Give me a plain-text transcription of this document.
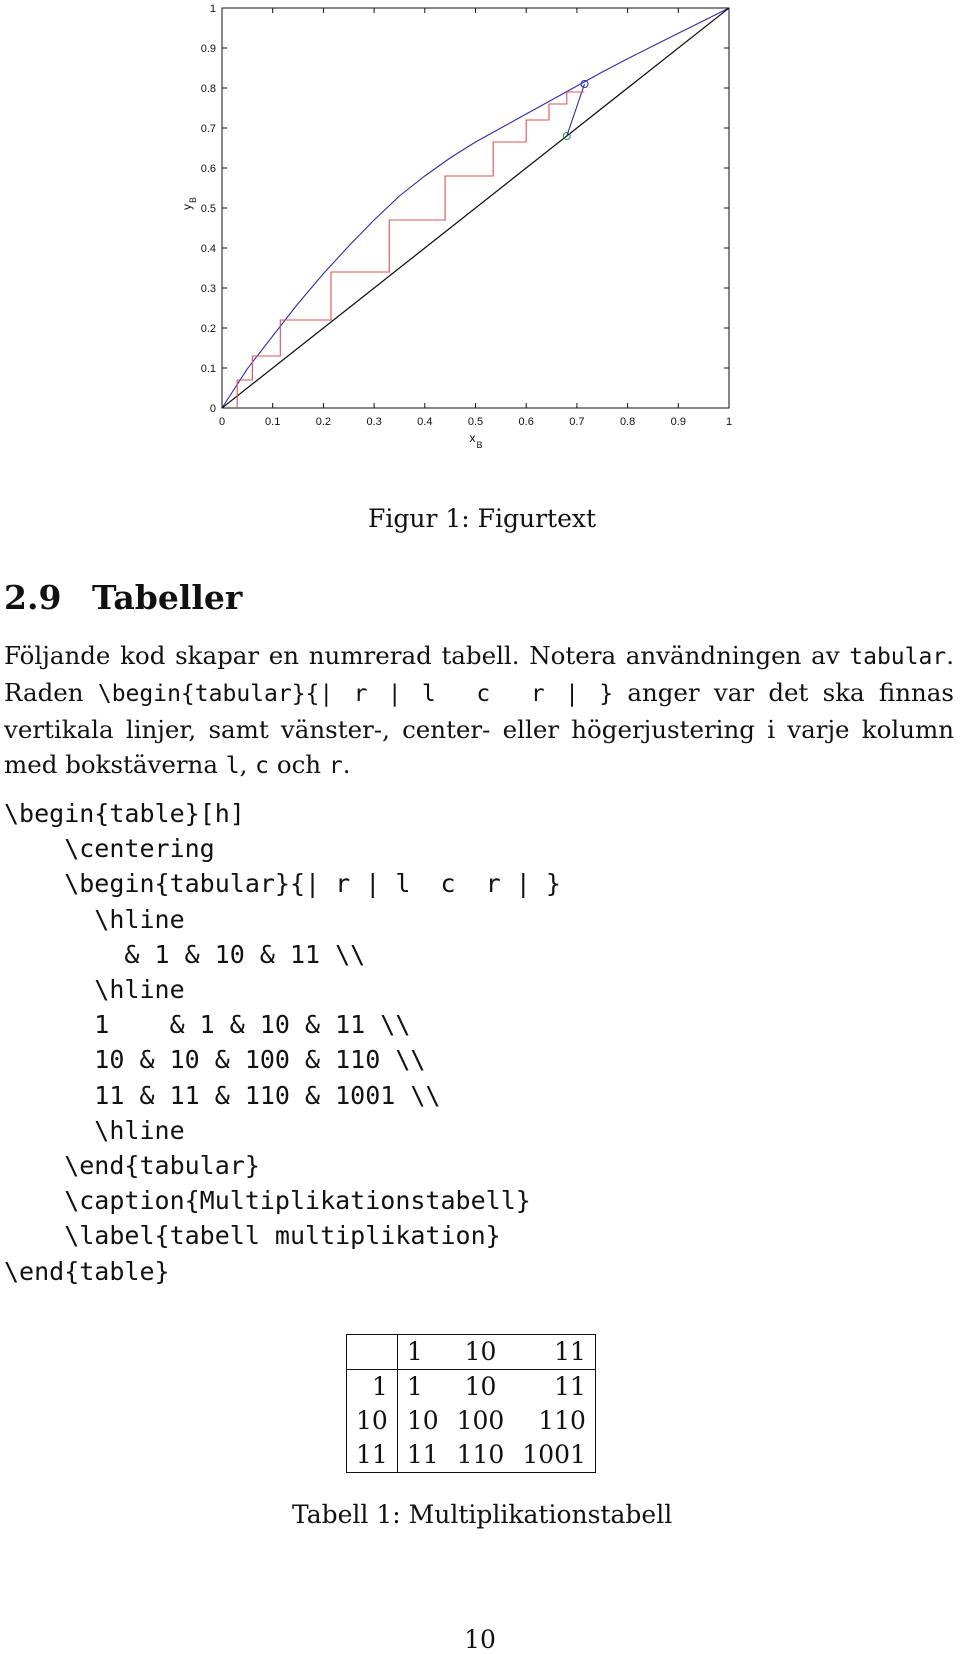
0	0.1	0.2	0.3	0.4	0.5	0.6	0.7	0.8	0.9	1
0
0.1
0.2
0.3
0.4
0.5
0.6
0.7
0.8
0.9
1
x B
y
B
Figur 1: Figurtext
2.9 Tabeller
Följande kod skapar en numrerad tabell. Notera användningen av tabular. Raden \begin{tabular}{| r | l  c  r | } anger var det ska finnas vertikala linjer, samt vänster-, center- eller högerjustering i varje kolumn med bokstäverna l, c och r.
\begin{table}[h]
\centering
\begin{tabular}{| r | l  c  r | }
\hline
& 1 & 10 & 11 \\
\hline
1    & 1 & 10 & 11 \\
10 & 10 & 100 & 110 \\
11 & 11 & 110 & 1001 \\
\hline
\end{tabular}
\caption{Multiplikationstabell}
\label{tabell multiplikation}
\end{table}
	1	10	11
1	1	10	11
10	10	100	110
11	11	110	1001
Tabell 1: Multiplikationstabell
10
